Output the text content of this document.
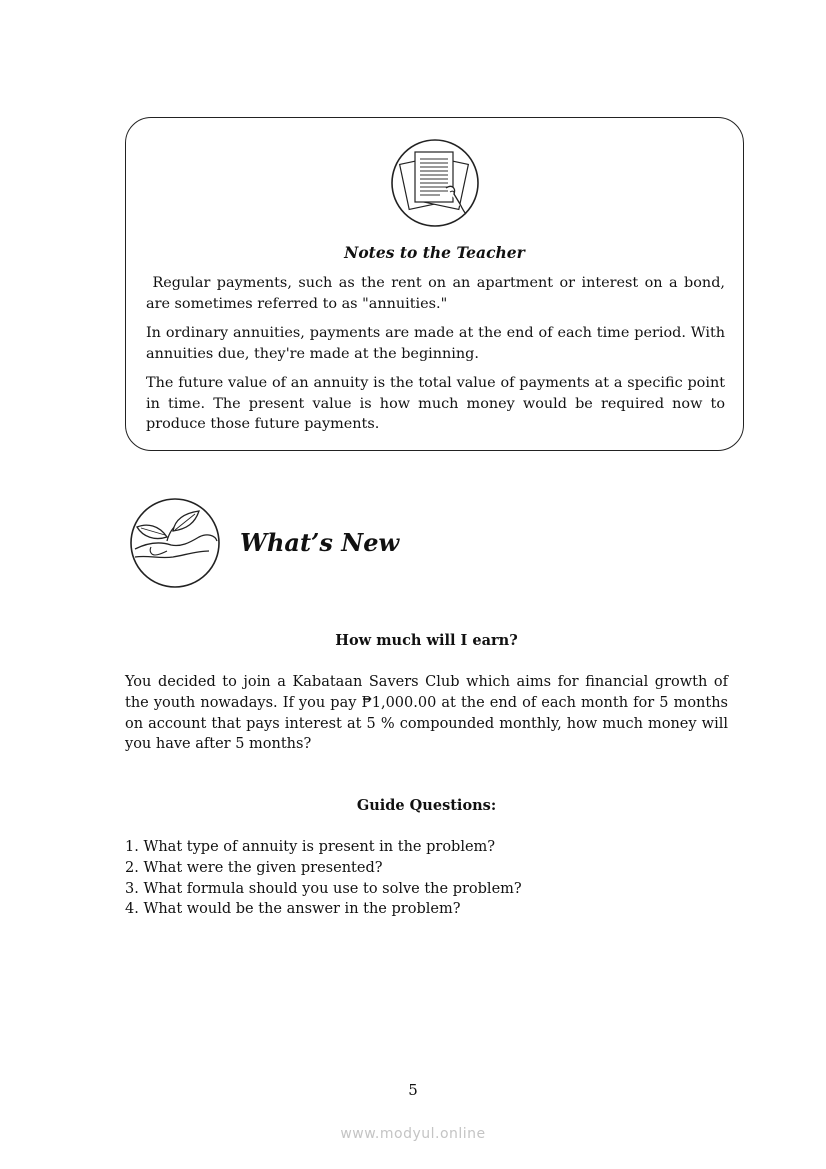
Notes to the Teacher

Regular payments, such as the rent on an apartment or interest on a bond, are sometimes referred to as "annuities."

In ordinary annuities, payments are made at the end of each time period. With annuities due, they're made at the beginning.

The future value of an annuity is the total value of payments at a specific point in time. The present value is how much money would be required now to produce those future payments.

What’s New
How much will I earn?

You decided to join a Kabataan Savers Club which aims for financial growth of the youth nowadays. If you pay ₱1,000.00 at the end of each month for 5 months on account that pays interest at 5 % compounded monthly, how much money will you have after 5 months?

Guide Questions:
1. What type of annuity is present in the problem?
2. What were the given presented?
3. What formula should you use to solve the problem?
4. What would be the answer in the problem?
5
www.modyul.online
